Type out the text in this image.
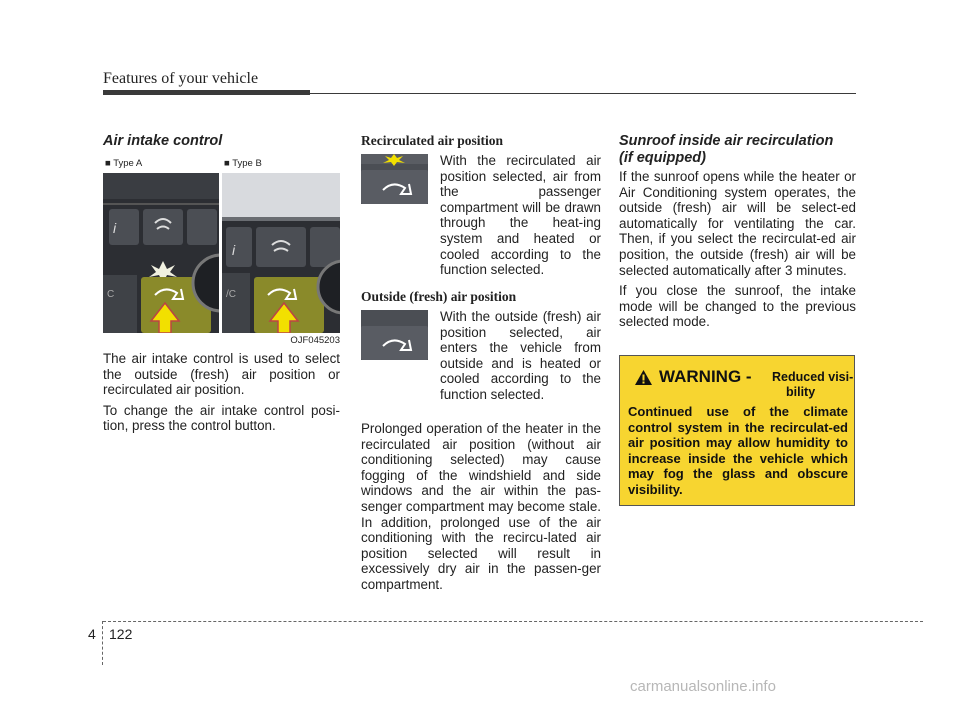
Features of your vehicle
Air intake control
■ Type A	■ Type B
i
C
i
/C
OJF045203

The air intake control is used to select the outside (fresh) air position or recirculated air position.

To change the air intake control posi-tion, press the control button.

Recirculated air position

With the recirculated air position selected, air from the passenger compartment will be drawn through the heat-ing system and heated or cooled according to the function selected.

Outside (fresh) air position

With the outside (fresh) air position selected, air enters the vehicle from outside and is heated or cooled according to the function selected.

Prolonged operation of the heater in the recirculated air position (without air conditioning selected) may cause fogging of the windshield and side windows and the air within the pas-senger compartment may become stale. In addition, prolonged use of the air conditioning with the recircu-lated air position selected will result in excessively dry air in the passen-ger compartment.

Sunroof inside air recirculation
(if equipped)

If the sunroof opens while the heater or Air Conditioning system operates, the outside (fresh) air will be select-ed automatically for ventilating the car. Then, if you select the recirculat-ed air position, the outside (fresh) air will be selected automatically after 3 minutes.

If you close the sunroof, the intake mode will be changed to the previous selected mode.

WARNING - Reduced visi-
bility

Continued use of the climate control system in the recirculat-ed air position may allow humidity to increase inside the vehicle which may fog the glass and obscure visibility.

4 122
carmanualsonline.info
